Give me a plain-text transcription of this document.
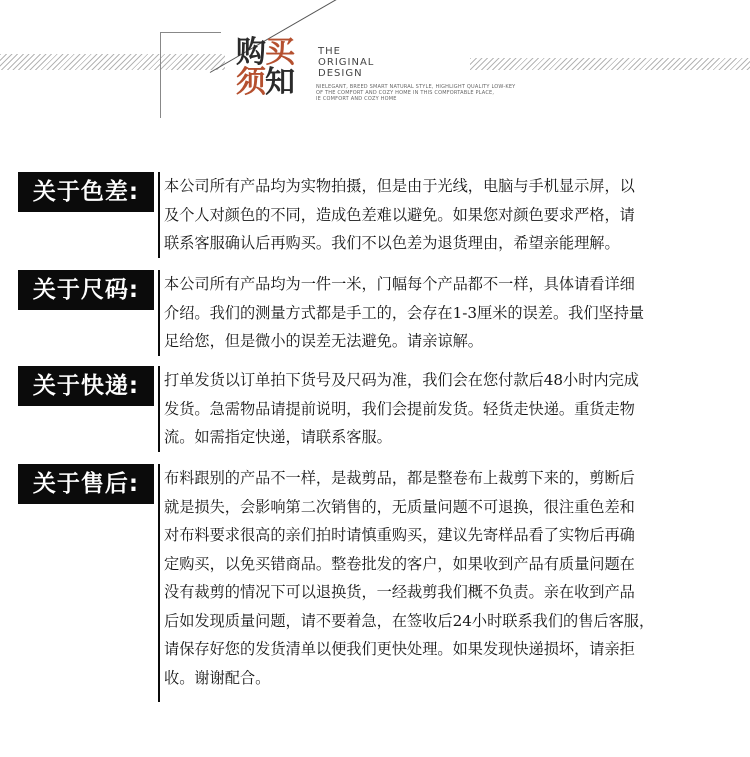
购买
须知
THE
ORIGINAL
DESIGN
NIELEGANT, BREED SMART NATURAL STYLE, HIGHLIGHT QUALITY LOW-KEY
OF THE COMFORT AND COZY HOME IN THIS COMFORTABLE PLACE,
IE COMFORT AND COZY HOME
关于色差:	本公司所有产品均为实物拍摄，但是由于光线，电脑与手机显示屏，以
及个人对颜色的不同，造成色差难以避免。如果您对颜色要求严格，请
联系客服确认后再购买。我们不以色差为退货理由，希望亲能理解。
关于尺码:	本公司所有产品均为一件一米，门幅每个产品都不一样，具体请看详细
介绍。我们的测量方式都是手工的，会存在1-3厘米的误差。我们坚持量
足给您，但是微小的误差无法避免。请亲谅解。
关于快递:	打单发货以订单拍下货号及尺码为准，我们会在您付款后48小时内完成
发货。急需物品请提前说明，我们会提前发货。轻货走快递。重货走物
流。如需指定快递，请联系客服。
关于售后:	布料跟别的产品不一样，是裁剪品，都是整卷布上裁剪下来的，剪断后
就是损失，会影响第二次销售的，无质量问题不可退换，很注重色差和
对布料要求很高的亲们拍时请慎重购买，建议先寄样品看了实物后再确
定购买，以免买错商品。整卷批发的客户，如果收到产品有质量问题在
没有裁剪的情况下可以退换货，一经裁剪我们概不负责。亲在收到产品
后如发现质量问题，请不要着急，在签收后24小时联系我们的售后客服，
请保存好您的发货清单以便我们更快处理。如果发现快递损坏，请亲拒
收。谢谢配合。
